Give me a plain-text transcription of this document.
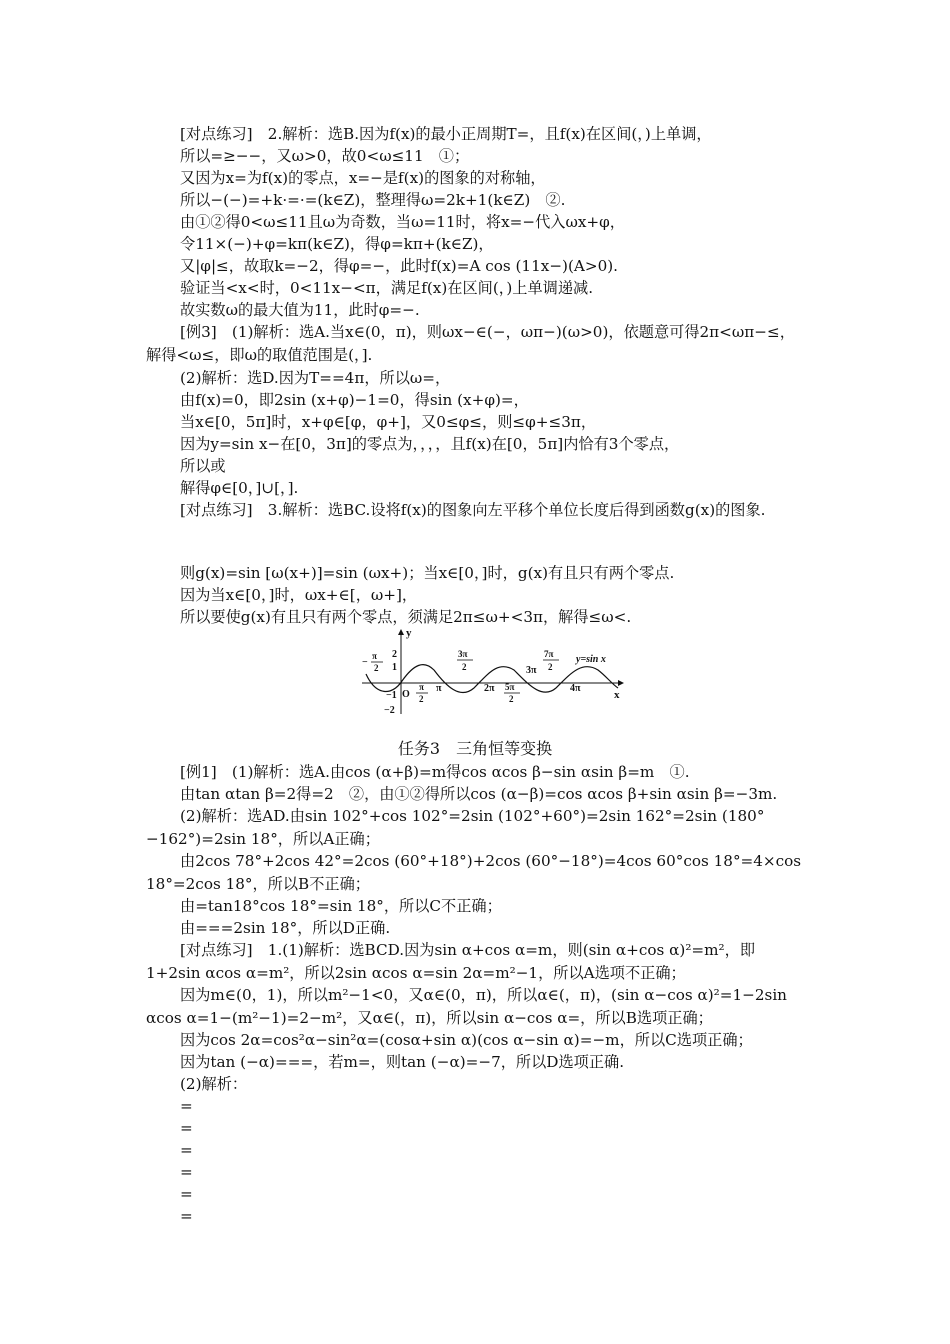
[对点练习]　2.解析：选B.因为f(x)的最小正周期T=，且f(x)在区间(，)上单调，
所以=≥−−，又ω>0，故0<ω≤11　①；
又因为x=为f(x)的零点，x=−是f(x)的图象的对称轴，
所以−(−)=+k·=·=(k∈Z)，整理得ω=2k+1(k∈Z)　②.
由①②得0<ω≤11且ω为奇数，当ω=11时，将x=−代入ωx+φ，
令11×(−)+φ=kπ(k∈Z)，得φ=kπ+(k∈Z)，
又|φ|≤，故取k=−2，得φ=−，此时f(x)=A cos (11x−)(A>0).
验证当<x<时，0<11x−<π，满足f(x)在区间(，)上单调递减.
故实数ω的最大值为11，此时φ=−.
[例3]　(1)解析：选A.当x∈(0，π)，则ωx−∈(−，ωπ−)(ω>0)，依题意可得2π<ωπ−≤，解得<ω≤，即ω的取值范围是(，].
(2)解析：选D.因为T==4π，所以ω=，
由f(x)=0，即2sin (x+φ)−1=0，得sin (x+φ)=，
当x∈[0，5π]时，x+φ∈[φ，φ+]，又0≤φ≤，则≤φ+≤3π，
因为y=sin x−在[0，3π]的零点为，，，，且f(x)在[0，5π]内恰有3个零点，
所以或
解得φ∈[0，]∪[，].
[对点练习]　3.解析：选BC.设将f(x)的图象向左平移个单位长度后得到函数g(x)的图象.
则g(x)=sin [ω(x+)]=sin (ωx+)；当x∈[0，]时，g(x)有且只有两个零点.
因为当x∈[0，]时，ωx+∈[，ω+]，
所以要使g(x)有且只有两个零点，须满足2π≤ω+<3π，解得≤ω<.
y
x
O
2
1
−1
−2
−
π
2
π
2
π
3π
2
2π 5π
2
3π
7π
2
4π
y=sin x
任务3　三角恒等变换
[例1]　(1)解析：选A.由cos (α+β)=m得cos αcos β−sin αsin β=m　①.
由tan αtan β=2得=2　②，由①②得所以cos (α−β)=cos αcos β+sin αsin β=−3m.
(2)解析：选AD.由sin 102°+cos 102°=2sin (102°+60°)=2sin 162°=2sin (180°−162°)=2sin 18°，所以A正确；
由2cos 78°+2cos 42°=2cos (60°+18°)+2cos (60°−18°)=4cos 60°cos 18°=4×cos 18°=2cos 18°，所以B不正确；
由=tan18°cos 18°=sin 18°，所以C不正确；
由===2sin 18°，所以D正确.
[对点练习]　1.(1)解析：选BCD.因为sin α+cos α=m，则(sin α+cos α)²=m²，即1+2sin αcos α=m²，所以2sin αcos α=sin 2α=m²−1，所以A选项不正确；
因为m∈(0，1)，所以m²−1<0，又α∈(0，π)，所以α∈(，π)，(sin α−cos α)²=1−2sin αcos α=1−(m²−1)=2−m²，又α∈(，π)，所以sin α−cos α=，所以B选项正确；
因为cos 2α=cos²α−sin²α=(cosα+sin α)(cos α−sin α)=−m，所以C选项正确；
因为tan (−α)===，若m=，则tan (−α)=−7，所以D选项正确.
(2)解析：
=
=
=
=
=
=
